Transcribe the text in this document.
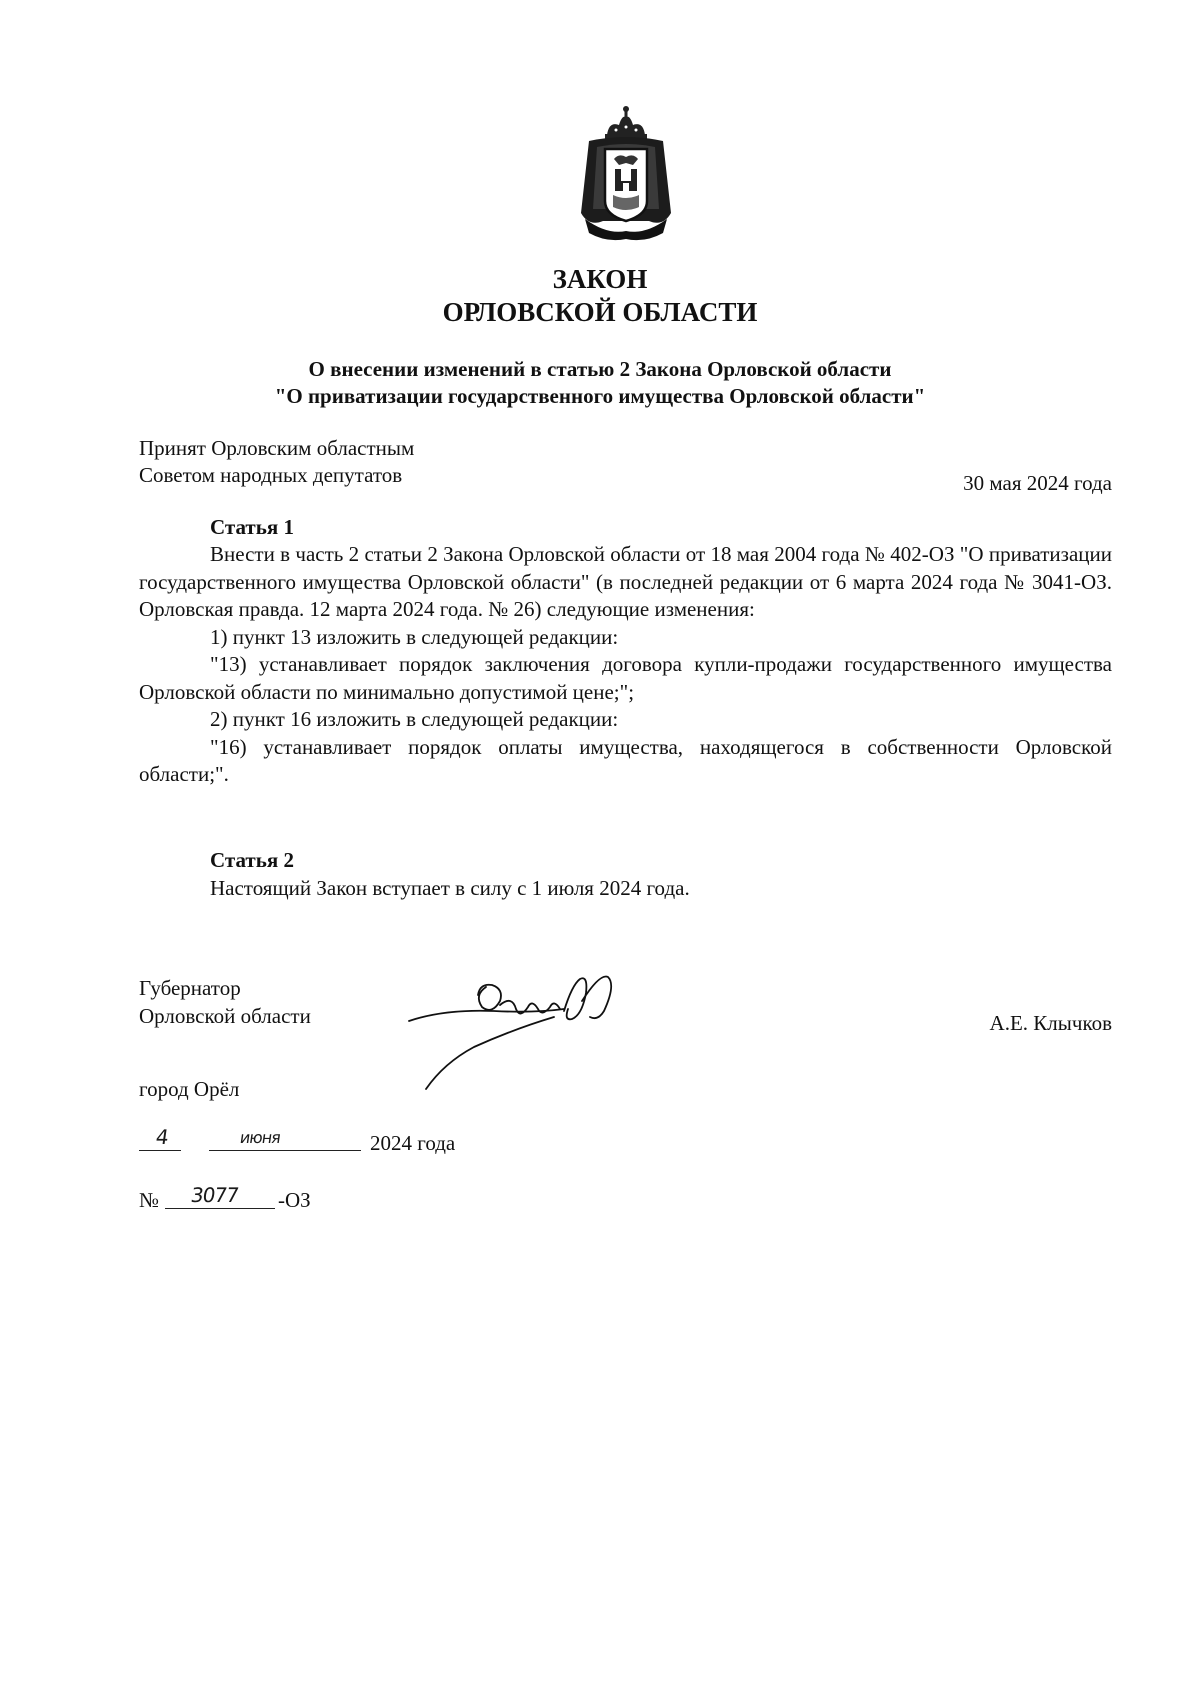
ЗАКОН
ОРЛОВСКОЙ ОБЛАСТИ
О внесении изменений в статью 2 Закона Орловской области
"О приватизации государственного имущества Орловской области"
Принят Орловским областным
Советом народных депутатов	30 мая 2024 года
Статья 1
Внести в часть 2 статьи 2 Закона Орловской области от 18 мая 2004 года № 402-ОЗ "О приватизации государственного имущества Орловской области" (в последней редакции от 6 марта 2024 года № 3041-ОЗ. Орловская правда. 12 марта 2024 года. № 26) следующие изменения:
1) пункт 13 изложить в следующей редакции:
"13) устанавливает порядок заключения договора купли-продажи государственного имущества Орловской области по минимально допустимой цене;";
2) пункт 16 изложить в следующей редакции:
"16) устанавливает порядок оплаты имущества, находящегося в собственности Орловской области;".
Статья 2
Настоящий Закон вступает в силу с 1 июля 2024 года.
Губернатор
Орловской области	А.Е. Клычков
город Орёл
4	июня	2024 года
№ 3077 -ОЗ
